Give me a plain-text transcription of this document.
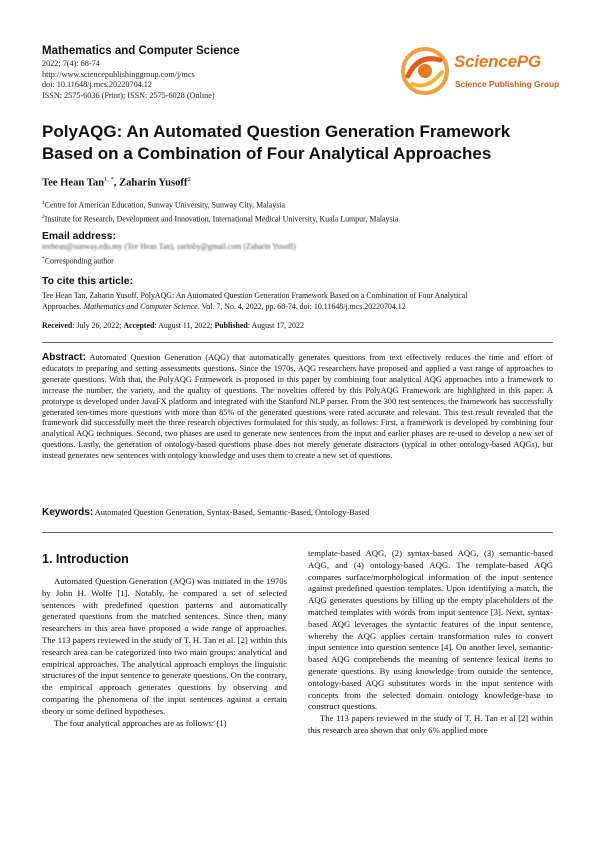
Mathematics and Computer Science
2022; 7(4): 68-74
http://www.sciencepublishinggroup.com/j/mcs
doi: 10.11648/j.mcs.20220704.12
ISSN: 2575-6036 (Print); ISSN: 2575-6028 (Online)
SciencePG
Science Publishing Group
PolyAQG: An Automated Question Generation Framework Based on a Combination of Four Analytical Approaches
Tee Hean Tan$^{1, *}$, Zaharin Yusoff$^2$
$^1$Centre for American Education, Sunway University, Sunway City, Malaysia
$^2$Institute for Research, Development and Innovation, International Medical University, Kuala Lumpur, Malaysia
Email address:
teehean@sunway.edu.my (Tee Hean Tan), zarinby@gmail.com (Zaharin Yusoff)
*Corresponding author
To cite this article:
Tee Hean Tan, Zaharin Yusoff. PolyAQG: An Automated Question Generation Framework Based on a Combination of Four Analytical
Approaches. Mathematics and Computer Science. Vol. 7, No. 4, 2022, pp. 68-74. doi: 10.11648/j.mcs.20220704.12
Received: July 26, 2022; Accepted: August 11, 2022; Published: August 17, 2022
Abstract: Automated Question Generation (AQG) that automatically generates questions from text effectively reduces the time and effort of educators in preparing and setting assessments questions. Since the 1970s, AQG researchers have proposed and applied a vast range of approaches to generate questions. With that, the PolyAQG Framework is proposed in this paper by combining four analytical AQG approaches into a framework to increase the number, the variety, and the quality of questions. The novelties offered by this PolyAQG Framework are highlighted in this paper. A prototype is developed under JavaFX platform and integrated with the Stanford NLP parser. From the 300 test sentences, the framework has successfully generated ten-times more questions with more than 85% of the generated questions were rated accurate and relevant. This test result revealed that the framework did successfully meet the three research objectives formulated for this study, as follows: First, a framework is developed by combining four analytical AQG techniques. Second, two phases are used to generate new sentences from the input and earlier phases are re-used to develop a new set of questions. Lastly, the generation of ontology-based questions phase does not merely generate distractors (typical in other ontology-based AQGs), but instead generates new sentences with ontology knowledge and uses them to create a new set of questions.
Keywords: Automated Question Generation, Syntax-Based, Semantic-Based, Ontology-Based
1. Introduction

Automated Question Generation (AQG) was initiated in the 1970s by John H. Wolfe [1]. Notably, he compared a set of selected sentences with predefined question patterns and automatically generated questions from the matched sentences. Since then, many researchers in this area have proposed a wide range of approaches. The 113 papers reviewed in the study of T. H. Tan et al. [2] within this research area can be categorized into two main groups: analytical and empirical approaches. The analytical approach employs the linguistic structures of the input sentence to generate questions. On the contrary, the empirical approach generates questions by observing and comparing the phenomena of the input sentences against a certain theory or some defined hypotheses.

The four analytical approaches are as follows: (1)

template-based AQG, (2) syntax-based AQG, (3) semantic-based AQG, and (4) ontology-based AQG. The template-based AQG compares surface/morphological information of the input sentence against predefined question templates. Upon identifying a match, the AQG generates questions by filling up the empty placeholders of the matched templates with words from input sentence [3]. Next, syntax-based AQG leverages the syntactic features of the input sentence, whereby the AQG applies certain transformation rules to convert input sentence into question sentence [4]. On another level, semantic-based AQG comprehends the meaning of sentence lexical items to generate questions. By using knowledge from outside the sentence, ontology-based AQG substitutes words in the input sentence with concepts from the selected domain ontology knowledge-base to construct questions.

The 113 papers reviewed in the study of T. H. Tan et al [2] within this research area shown that only 6% applied more
